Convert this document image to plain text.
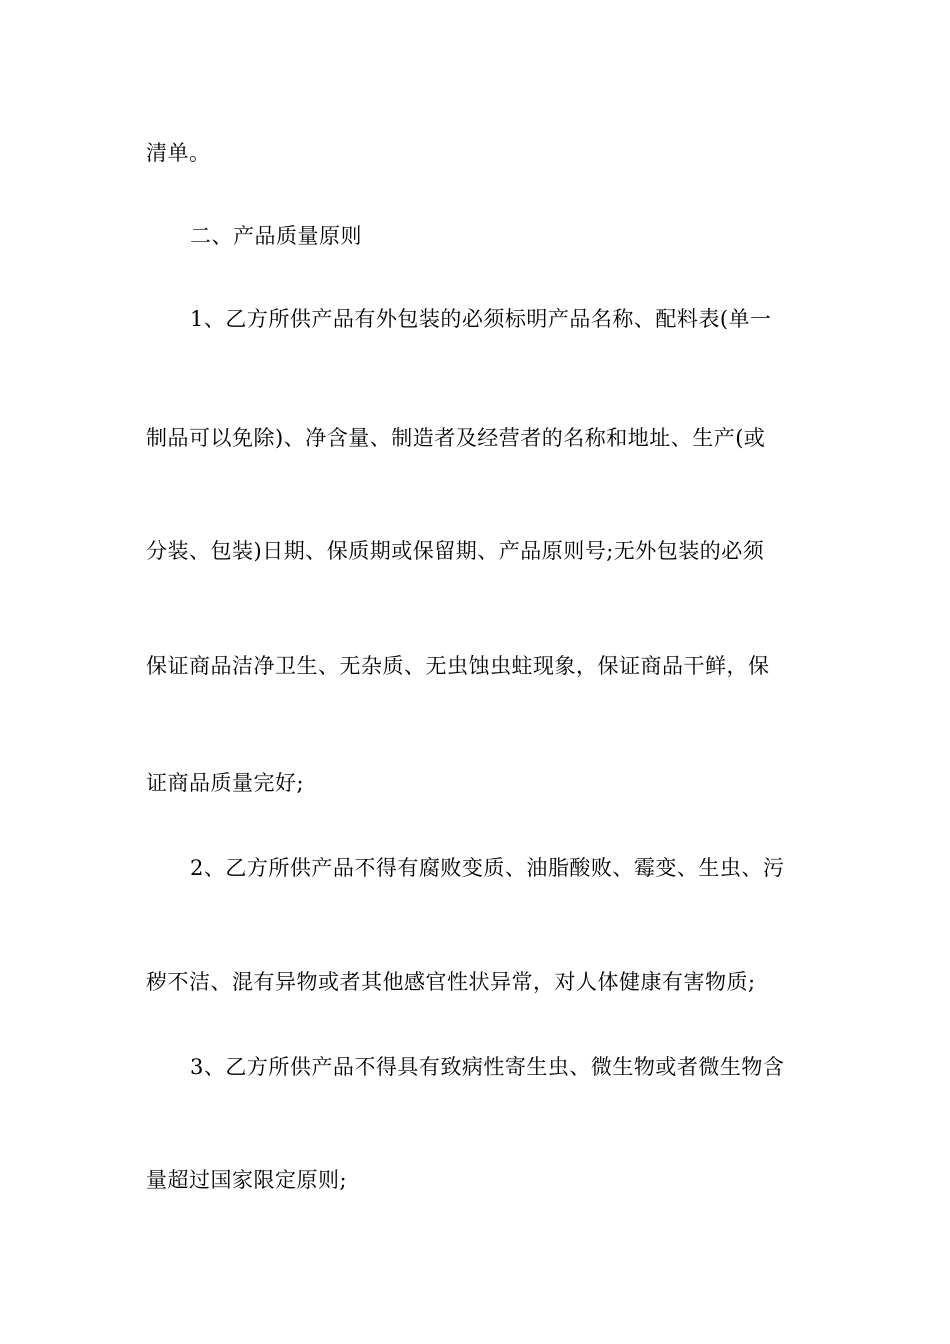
清单。
二、产品质量原则
1、乙方所供产品有外包装的必须标明产品名称、配料表(单一
制品可以免除)、净含量、制造者及经营者的名称和地址、生产(或
分装、包装)日期、保质期或保留期、产品原则号;无外包装的必须
保证商品洁净卫生、无杂质、无虫蚀虫蛀现象，保证商品干鲜，保
证商品质量完好;
2、乙方所供产品不得有腐败变质、油脂酸败、霉变、生虫、污
秽不洁、混有异物或者其他感官性状异常，对人体健康有害物质;
3、乙方所供产品不得具有致病性寄生虫、微生物或者微生物含
量超过国家限定原则;
